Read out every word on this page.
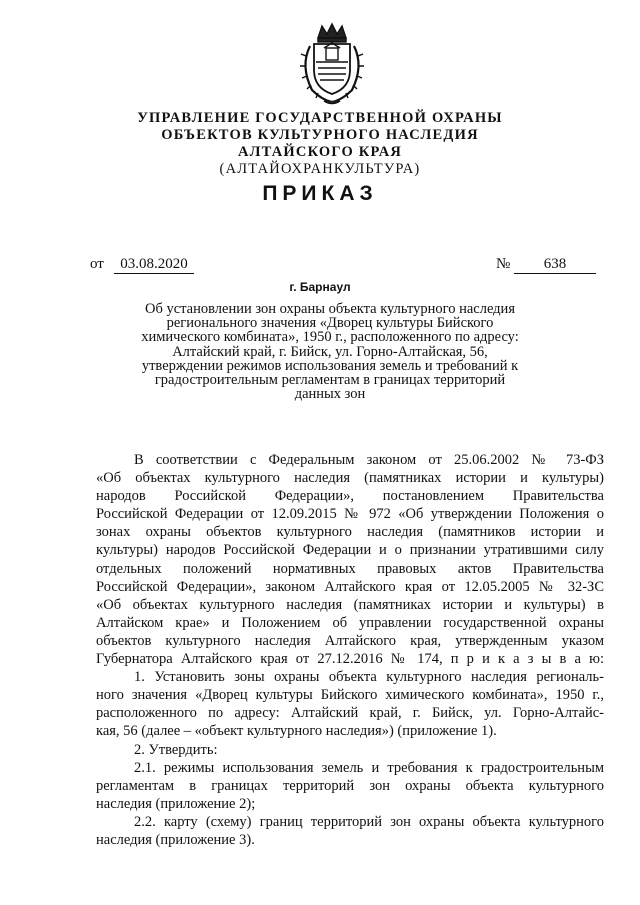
УПРАВЛЕНИЕ ГОСУДАРСТВЕННОЙ ОХРАНЫ
ОБЪЕКТОВ КУЛЬТУРНОГО НАСЛЕДИЯ
АЛТАЙСКОГО КРАЯ
(АЛТАЙОХРАНКУЛЬТУРА)
ПРИКАЗ
от	03.08.2020	№	638
г. Барнаул
Об установлении зон охраны объекта культурного наследия
регионального значения «Дворец культуры Бийского
химического комбината», 1950 г., расположенного по адресу:
Алтайский край, г. Бийск, ул. Горно-Алтайская, 56,
утверждении режимов использования земель и требований к
градостроительным регламентам в границах территорий
данных зон
В соответствии с Федеральным законом от 25.06.2002 № 73-ФЗ
«Об объектах культурного наследия (памятниках истории и культуры)
народов Российской Федерации», постановлением Правительства
Российской Федерации от 12.09.2015 № 972 «Об утверждении Положения о
зонах охраны объектов культурного наследия (памятников истории и
культуры) народов Российской Федерации и о признании утратившими силу
отдельных положений нормативных правовых актов Правительства
Российской Федерации», законом Алтайского края от 12.05.2005 № 32-ЗС
«Об объектах культурного наследия (памятниках истории и культуры) в
Алтайском крае» и Положением об управлении государственной охраны
объектов культурного наследия Алтайского края, утвержденным указом
Губернатора Алтайского края от 27.12.2016 № 174, п р и к а з ы в а ю:
1. Установить зоны охраны объекта культурного наследия региональ-
ного значения «Дворец культуры Бийского химического комбината», 1950 г.,
расположенного по адресу: Алтайский край, г. Бийск, ул. Горно-Алтайс-
кая, 56 (далее – «объект культурного наследия») (приложение 1).
2. Утвердить:
2.1. режимы использования земель и требования к градостроительным
регламентам в границах территорий зон охраны объекта культурного
наследия (приложение 2);
2.2. карту (схему) границ территорий зон охраны объекта культурного
наследия (приложение 3).
